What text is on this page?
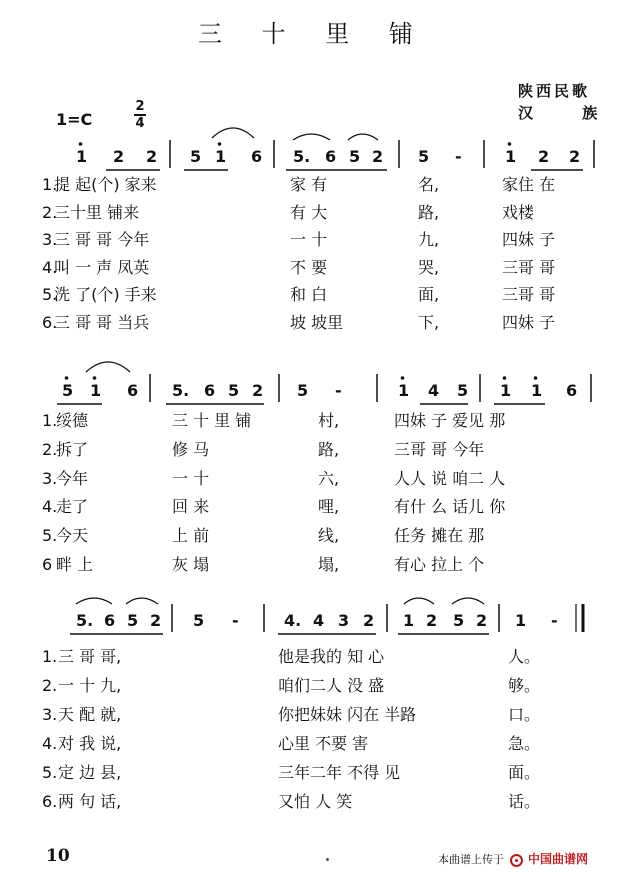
三 十 里 铺
陕西民歌
汉 族
1=C
2
4
1 2 2 5 1 6 5. 6 5 2 5 -	1 2 2
1.
提 起(个) 家来	家 有	名,	家住 在
2.
三十里 铺来	有 大	路,	戏楼
3.
三 哥 哥 今年	一 十	九,	四妹 子
4.
叫 一 声 凤英	不 要	哭,	三哥 哥
5.
洗 了(个) 手来	和 白	面,	三哥 哥
6.
三 哥 哥 当兵	坡 坡里	下,	四妹 子
5 1 6 5. 6 5 2 5 -	1 4 5 1 1 6
1.
绥德	三 十 里 铺	村,	四妹 子 爱见 那
2.
拆了	修 马	路,	三哥 哥 今年
3.
今年	一 十	六,	人人 说 咱二 人
4.
走了	回 来	哩,	有什 么 话儿 你
5.
今天	上 前	线,	任务 摊在 那
6 畔 上	灰 塌	塌,	有心 拉上 个
5. 6 5 2 5 -	4. 4 3 2 1 2 5 2 1 -
1. 三 哥 哥,	他是我的 知 心	人。
2. 一 十 九,	咱们二人 没 盛	够。
3. 天 配 就,	你把妹妹 闪在 半路	口。
4. 对 我 说,	心里 不要 害	急。
5. 定 边 县,	三年二年 不得 见	面。
6. 两 句 话,	又怕 人 笑	话。
10	本曲谱上传于 中国曲谱网
